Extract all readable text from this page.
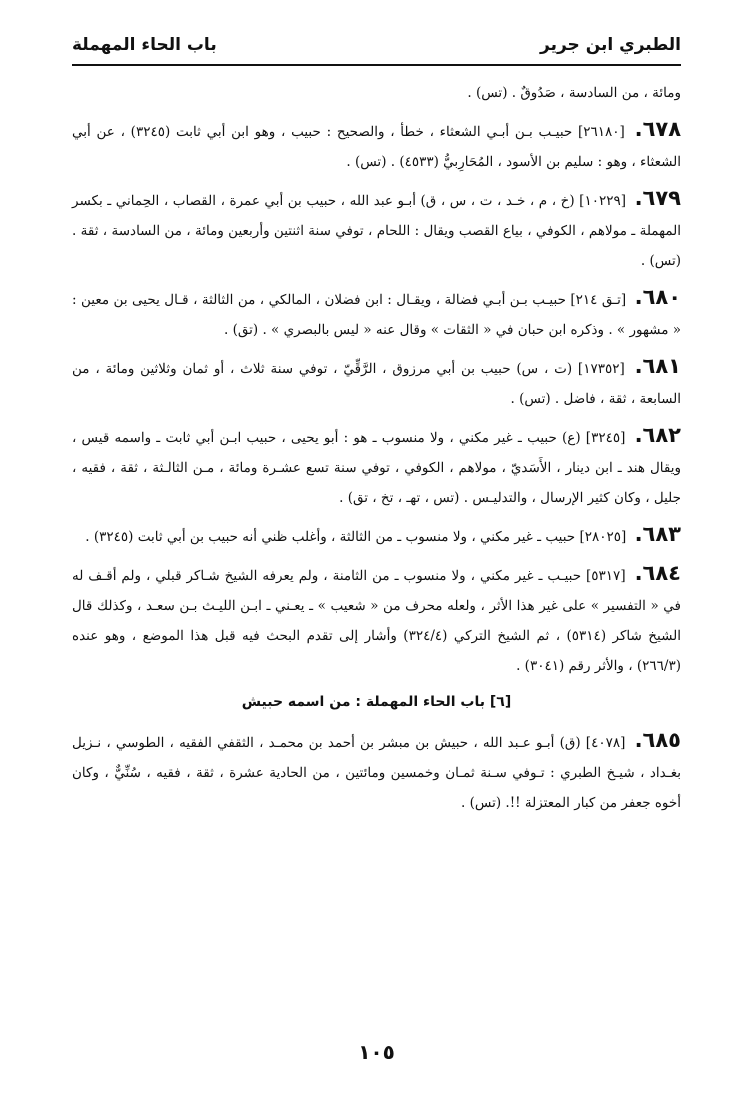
الطبري ابن جرير
باب الحاء المهملة

ومائة ، من السادسة ، صَدُوقٌ . (تس) .

٦٧٨. [٢٦١٨٠] حبيـب بـن أبـي الشعثاء ، خطأ ، والصحيح : حبيب ، وهو ابن أبي ثابت (٣٢٤٥) ، عن أبي الشعثاء ، وهو : سليم بن الأسود ، المُحَارِبيُّ (٤٥٣٣) . (تس) .

٦٧٩. [١٠٢٢٩] (خ ، م ، خـد ، ت ، س ، ق) أبـو عبد الله ، حبيب بن أبي عمرة ، القصاب ، الحِماني ـ بكسر المهملة ـ مولاهم ، الكوفي ، بياع القصب ويقال : اللحام ، توفي سنة اثنتين وأربعين ومائة ، من السادسة ، ثقة . (تس) .

٦٨٠. [تـق ٢١٤] حبيـب بـن أبـي فضالة ، ويقـال : ابن فضلان ، المالكي ، من الثالثة ، قـال يحيى بن معين : « مشهور » . وذكره ابن حبان في « الثقات » وقال عنه « ليس بالبصري » . (تق) .

٦٨١. [١٧٣٥٢] (ت ، س) حبيب بن أبي مرزوق ، الرَّقِّيّ ، توفي سنة ثلاث ، أو ثمان وثلاثين ومائة ، من السابعة ، ثقة ، فاضل . (تس) .

٦٨٢. [٣٢٤٥] (ع) حبيب ـ غير مكني ، ولا منسوب ـ هو : أبو يحيى ، حبيب ابـن أبي ثابت ـ واسمه قيس ، ويقال هند ـ ابن دينار ، الأَسَديّ ، مولاهم ، الكوفي ، توفي سنة تسع عشـرة ومائة ، مـن الثالـثة ، ثقة ، فقيه ، جليل ، وكان كثير الإرسال ، والتدليـس . (تس ، تهـ ، تخ ، تق) .

٦٨٣. [٢٨٠٢٥] حبيب ـ غير مكني ، ولا منسوب ـ من الثالثة ، وأغلب ظني أنه حبيب بن أبي ثابت (٣٢٤٥) .

٦٨٤. [٥٣١٧] حبيـب ـ غير مكني ، ولا منسوب ـ من الثامنة ، ولم يعرفه الشيخ شـاكر قبلي ، ولم أقـف له في « التفسير » على غير هذا الأثر ، ولعله محرف من « شعيب » ـ يعـني ـ ابـن الليـث بـن سعـد ، وكذلك قال الشيخ شاكر (٥٣١٤) ، ثم الشيخ التركي (٣٢٤/٤) وأشار إلى تقدم البحث فيه قبل هذا الموضع ، وهو عنده (٢٦٦/٣) ، والأثر رقم (٣٠٤١) .

[٦] باب الحاء المهملة : من اسمه حبيش

٦٨٥. [٤٠٧٨] (ق) أبـو عـبد الله ، حبيش بن مبشر بن أحمد بن محمـد ، الثقفي الفقيه ، الطوسي ، نـزيل بغـداد ، شيـخ الطبري : تـوفي سـنة ثمـان وخمسين ومائتين ، من الحادية عشرة ، ثقة ، فقيه ، سُنِّيٌّ ، وكان أخوه جعفر من كبار المعتزلة !!. (تس) .

١٠٥
